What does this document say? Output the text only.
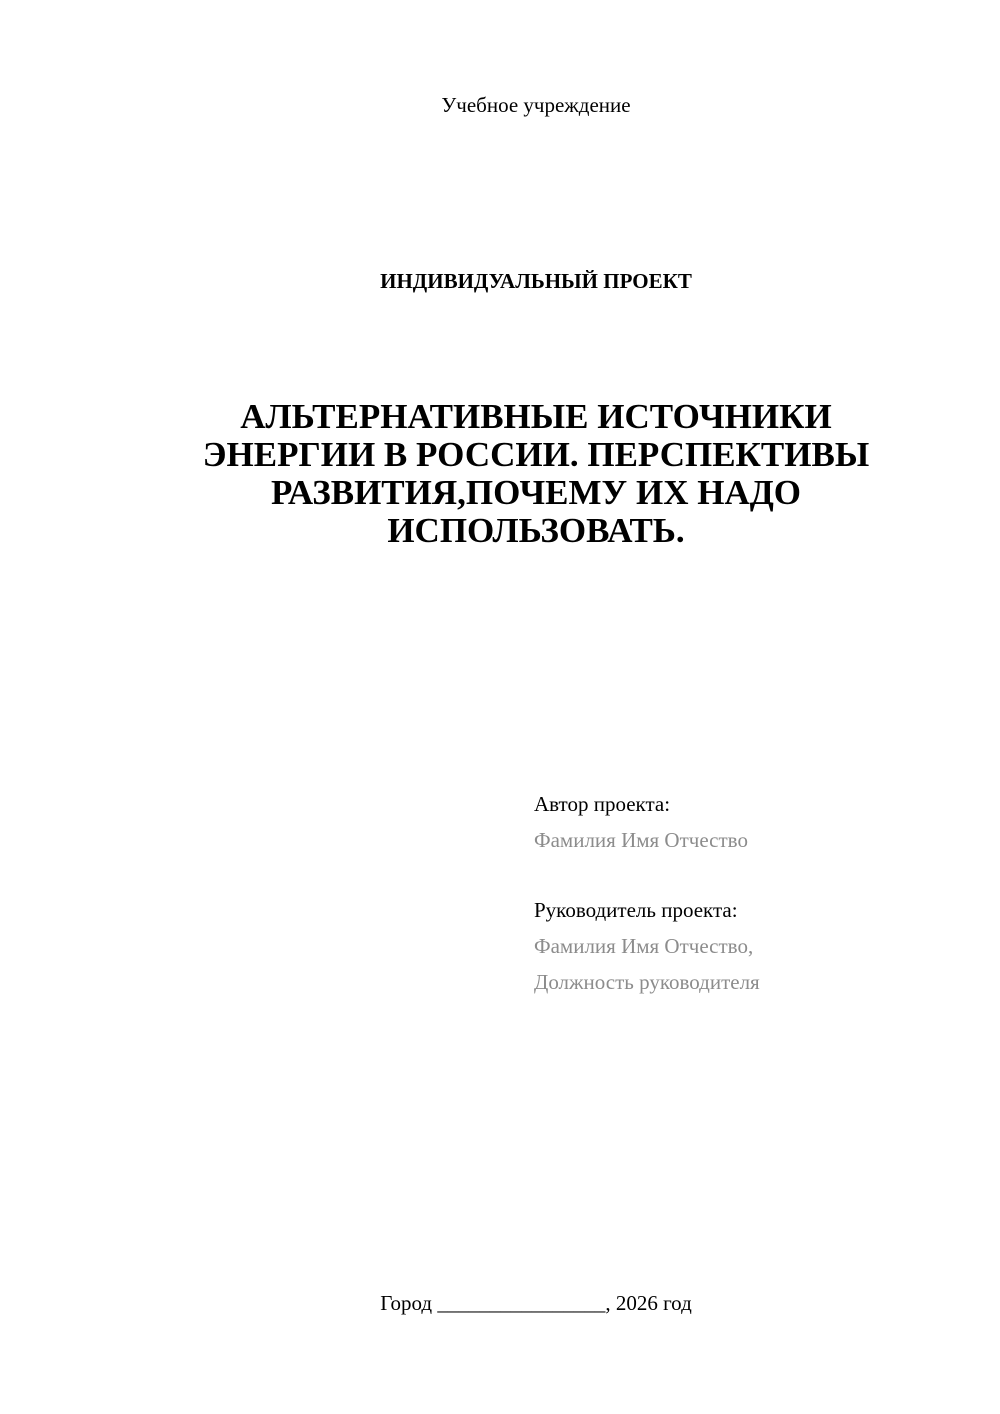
Учебное учреждение
ИНДИВИДУАЛЬНЫЙ ПРОЕКТ
АЛЬТЕРНАТИВНЫЕ ИСТОЧНИКИ
ЭНЕРГИИ В РОССИИ. ПЕРСПЕКТИВЫ
РАЗВИТИЯ,ПОЧЕМУ ИХ НАДО
ИСПОЛЬЗОВАТЬ.
Автор проекта:
Фамилия Имя Отчество
Руководитель проекта:
Фамилия Имя Отчество,
Должность руководителя
Город ________________, 2026 год
